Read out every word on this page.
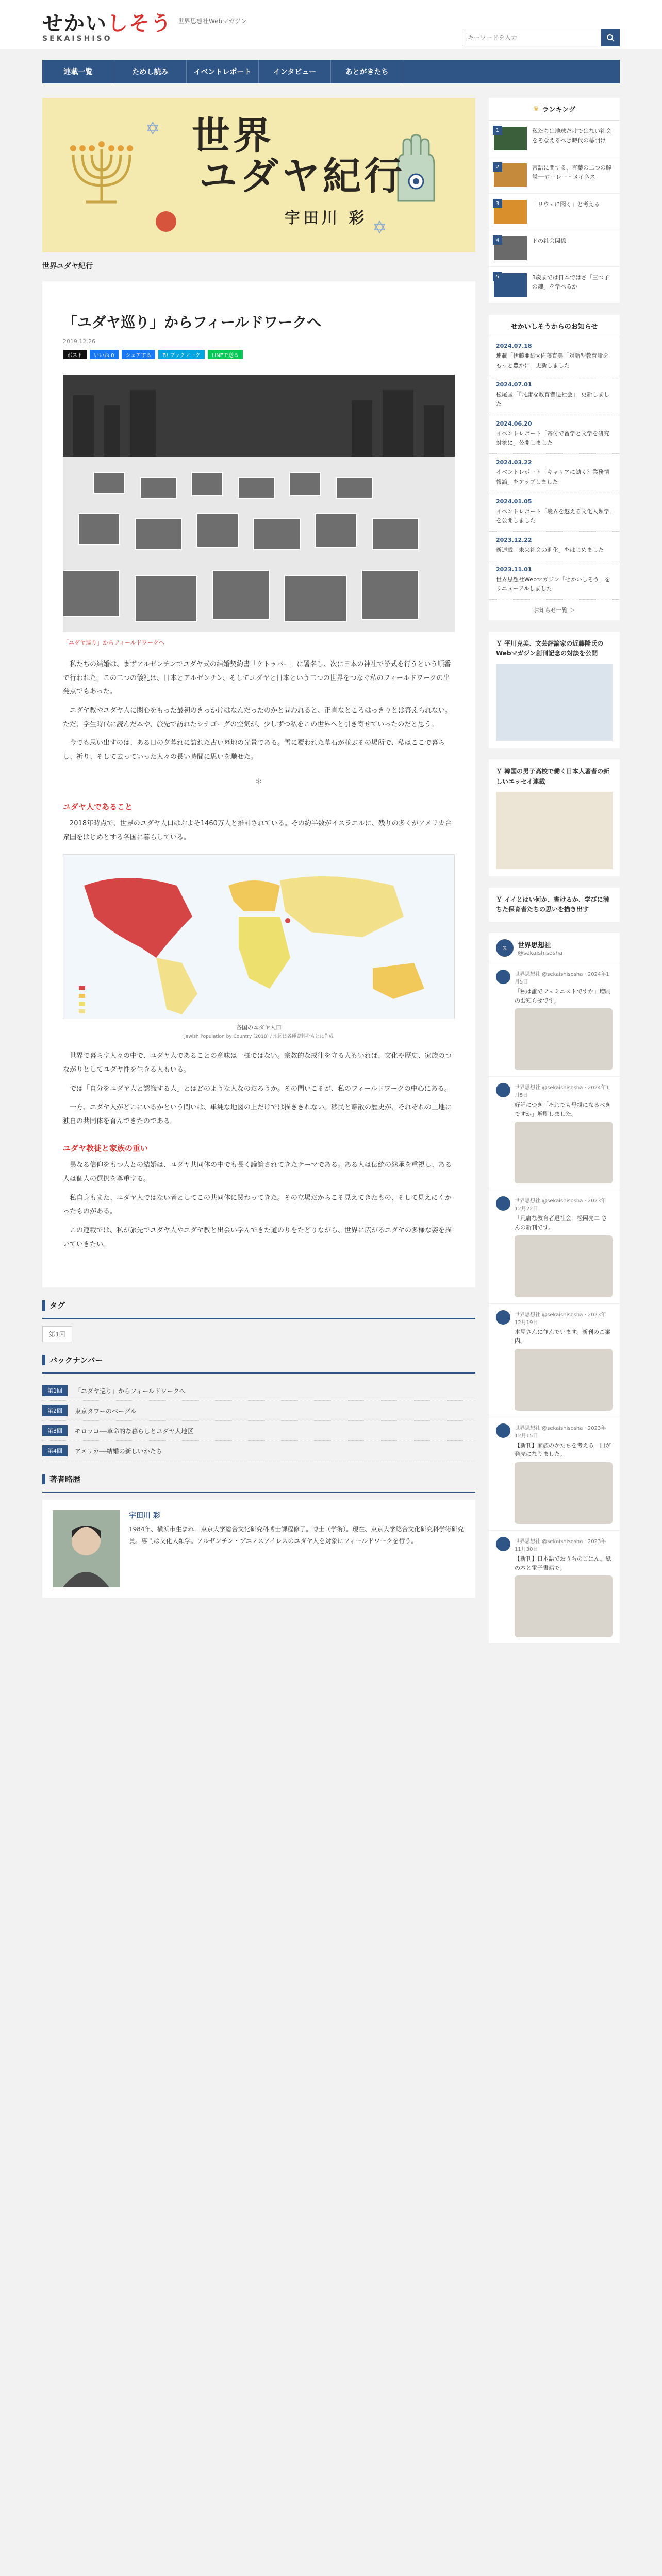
せかいしそう
SEKAISHISO
世界思想社Webマガジン
キーワードを入力
連載一覧	ためし読み	イベントレポート	インタビュー	あとがきたち
✡
✡
世界
ユダヤ紀行
宇田川 彩
世界ユダヤ紀行
「ユダヤ巡り」からフィールドワークへ
2019.12.26
ポスト	いいね 0	シェアする	B! ブックマーク	LINEで送る
「ユダヤ巡り」からフィールドワークへ

私たちの結婚は、まずアルゼンチンでユダヤ式の結婚契約書「ケトゥバー」に署名し、次に日本の神社で挙式を行うという順番で行われた。この二つの儀礼は、日本とアルゼンチン、そしてユダヤと日本という二つの世界をつなぐ私のフィールドワークの出発点でもあった。

ユダヤ教やユダヤ人に関心をもった最初のきっかけはなんだったのかと問われると、正直なところはっきりとは答えられない。ただ、学生時代に読んだ本や、旅先で訪れたシナゴーグの空気が、少しずつ私をこの世界へと引き寄せていったのだと思う。

今でも思い出すのは、ある日の夕暮れに訪れた古い墓地の光景である。雪に覆われた墓石が並ぶその場所で、私はここで暮らし、祈り、そして去っていった人々の長い時間に思いを馳せた。

＊
ユダヤ人であること

2018年時点で、世界のユダヤ人口はおよそ1460万人と推計されている。その約半数がイスラエルに、残りの多くがアメリカ合衆国をはじめとする各国に暮らしている。

各国のユダヤ人口
Jewish Population by Country (2018) / 地図は各種資料をもとに作成

世界で暮らす人々の中で、ユダヤ人であることの意味は一様ではない。宗教的な戒律を守る人もいれば、文化や歴史、家族のつながりとしてユダヤ性を生きる人もいる。

では「自分をユダヤ人と認識する人」とはどのような人なのだろうか。その問いこそが、私のフィールドワークの中心にある。

一方、ユダヤ人がどこにいるかという問いは、単純な地図の上だけでは描ききれない。移民と離散の歴史が、それぞれの土地に独自の共同体を育んできたのである。

ユダヤ教徒と家族の重い

異なる信仰をもつ人との結婚は、ユダヤ共同体の中でも長く議論されてきたテーマである。ある人は伝統の継承を重視し、ある人は個人の選択を尊重する。

私自身もまた、ユダヤ人ではない者としてこの共同体に関わってきた。その立場だからこそ見えてきたもの、そして見えにくかったものがある。

この連載では、私が旅先でユダヤ人やユダヤ教と出会い学んできた道のりをたどりながら、世界に広がるユダヤの多様な姿を描いていきたい。

タグ
第1回
バックナンバー
第1回	「ユダヤ巡り」からフィールドワークへ
第2回	東京タワーのベーグル
第3回	モロッコ──革命的な暮らしとユダヤ人地区
第4回	アメリカ──結婚の新しいかたち
著者略歴
宇田川 彩
1984年、横浜市生まれ。東京大学総合文化研究科博士課程修了。博士（学術）。現在、東京大学総合文化研究科学術研究員。専門は文化人類学。アルゼンチン・ブエノスアイレスのユダヤ人を対象にフィールドワークを行う。
♛ ランキング
1	私たちは地球だけではない社会をそなえるべき時代の幕開け
2	言語に関する、言葉の二つの解説──ローレー・メイネス
3	「リウェに聞く」と考える
4	ドの社会関係
5	3歳までは日本ではさ「三つ子の魂」を学べるか
せかいしそうからのお知らせ
2024.07.18
連載「伊藤亜紗×佐藤直美「対話型教育論をもっと豊かに」更新しました
2024.07.01
松尾匡「『凡庸な教育者退社会』」更新しました
2024.06.20
イベントレポート「寄付で留学と文学を研究対象に」公開しました
2024.03.22
イベントレポート「キャリアに効く？業務情報論」をアップしました
2024.01.05
イベントレポート「境界を越える文化人類学」を公開しました
2023.12.22
新連載「未来社会の進化」をはじめました
2023.11.01
世界思想社Webマガジン「せかいしそう」をリニューアルしました
お知らせ一覧 ＞
Ｙ 平川克美、文芸評論家の近藤隆氏のWebマガジン創刊記念の対談を公開
Ｙ 韓国の男子高校で働く日本人著者の新しいエッセイ連載
Ｙ イイとはい何か、書けるか、学びに満ちた保育者たちの思いを描き出す
𝕏	世界思想社
@sekaishisosha
世界思想社 @sekaishisosha · 2024年1月5日
「私は誰でフェミニストですか」増刷のお知らせです。
世界思想社 @sekaishisosha · 2024年1月5日
好評につき「それでも母親になるべきですか」増刷しました。
世界思想社 @sekaishisosha · 2023年12月22日
「凡庸な教育者退社会」松岡亮二 さんの新刊です。
世界思想社 @sekaishisosha · 2023年12月19日
本屋さんに並んでいます。新刊のご案内。
世界思想社 @sekaishisosha · 2023年12月15日
【新刊】家族のかたちを考える一冊が発売になりました。
世界思想社 @sekaishisosha · 2023年11月30日
【新刊】日本語でおうちのごはん。紙の本と電子書籍で。
